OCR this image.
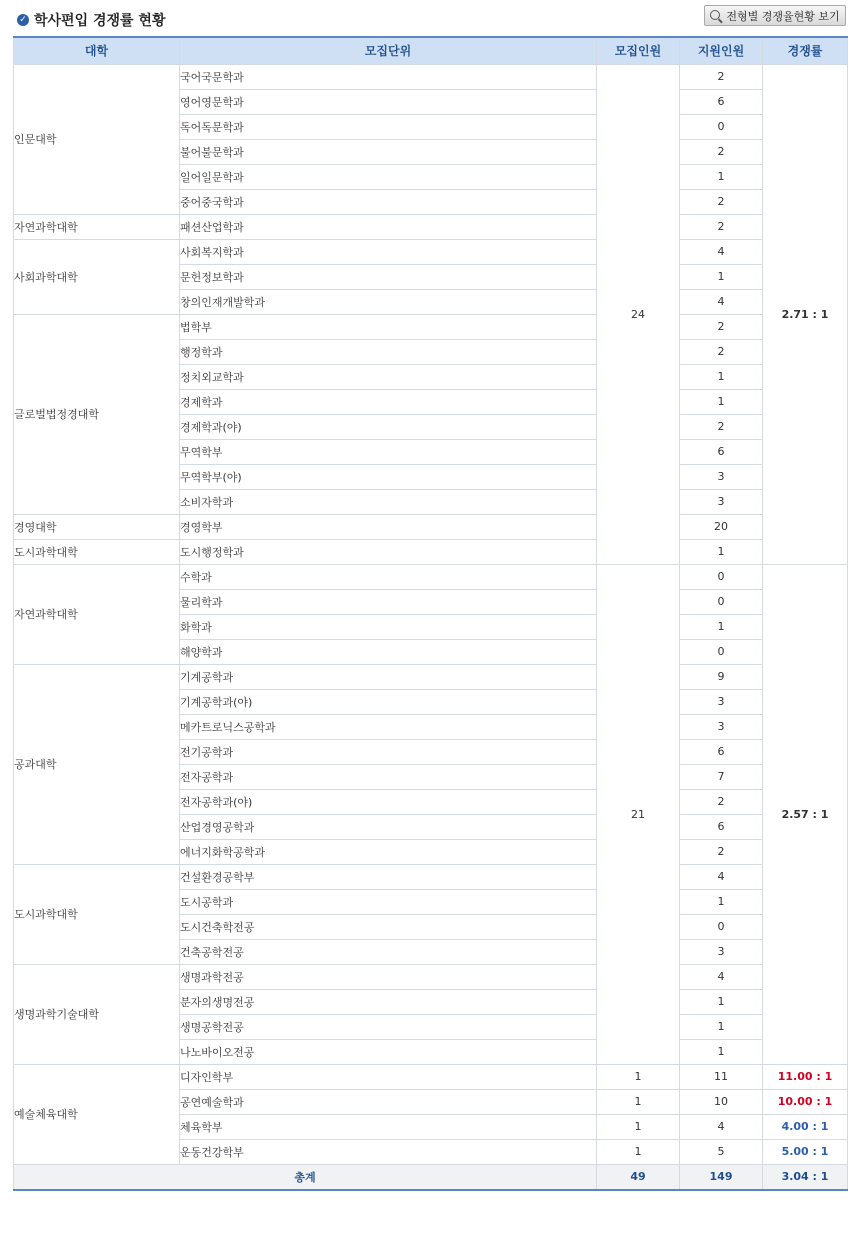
✓ 학사편입 경쟁률 현황	전형별 경쟁율현황 보기
대학	모집단위	모집인원	지원인원	경쟁률
인문대학	국어국문학과	24	2	2.71 : 1
	영어영문학과		6	
	독어독문학과		0	
	불어불문학과		2	
	일어일문학과		1	
	중어중국학과		2	
자연과학대학	패션산업학과		2	
사회과학대학	사회복지학과		4	
	문헌정보학과		1	
	창의인재개발학과		4	
글로벌법정경대학	법학부		2	
	행정학과		2	
	정치외교학과		1	
	경제학과		1	
	경제학과(야)		2	
	무역학부		6	
	무역학부(야)		3	
	소비자학과		3	
경영대학	경영학부		20	
도시과학대학	도시행정학과		1	
자연과학대학	수학과	21	0	2.57 : 1
	물리학과		0	
	화학과		1	
	해양학과		0	
공과대학	기계공학과		9	
	기계공학과(야)		3	
	메카트로닉스공학과		3	
	전기공학과		6	
	전자공학과		7	
	전자공학과(야)		2	
	산업경영공학과		6	
	에너지화학공학과		2	
도시과학대학	건설환경공학부		4	
	도시공학과		1	
	도시건축학전공		0	
	건축공학전공		3	
생명과학기술대학	생명과학전공		4	
	분자의생명전공		1	
	생명공학전공		1	
	나노바이오전공		1	
예술체육대학	디자인학부	1	11	11.00 : 1
	공연예술학과	1	10	10.00 : 1
	체육학부	1	4	4.00 : 1
	운동건강학부	1	5	5.00 : 1
총계		49	149	3.04 : 1
